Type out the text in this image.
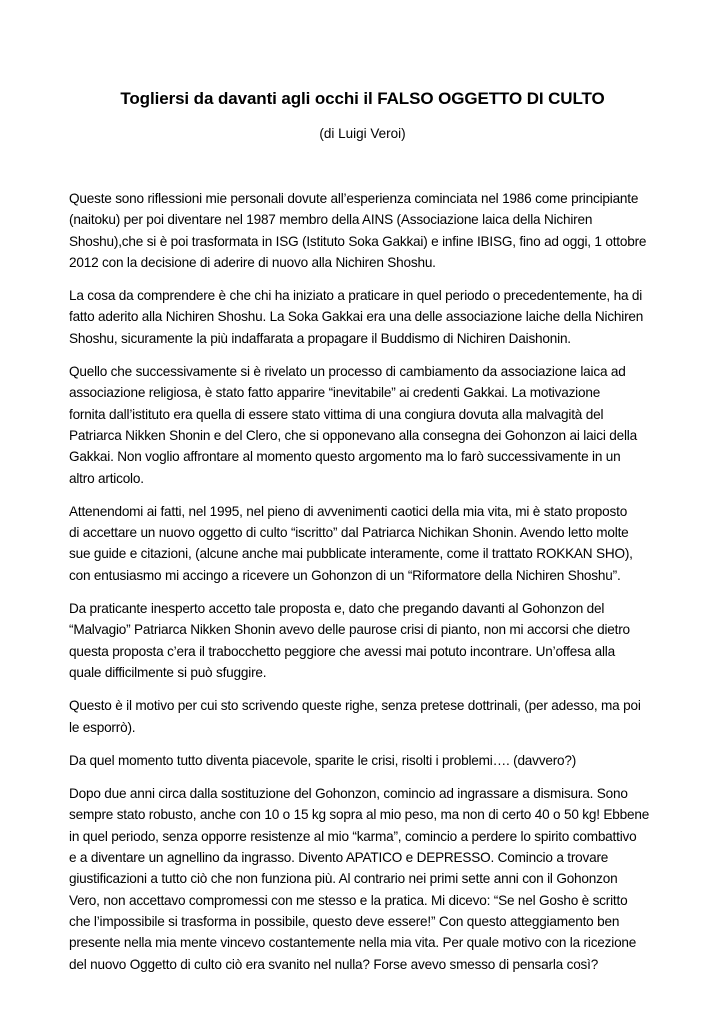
Togliersi da davanti agli occhi il FALSO OGGETTO DI CULTO
(di Luigi Veroi)

Queste sono riflessioni mie personali dovute all’esperienza cominciata nel 1986 come principiante
(naitoku) per poi diventare nel 1987 membro della AINS (Associazione laica della Nichiren
Shoshu),che si è poi trasformata in ISG (Istituto Soka Gakkai) e infine IBISG, fino ad oggi, 1 ottobre
2012 con la decisione di aderire di nuovo alla Nichiren Shoshu.

La cosa da comprendere è che chi ha iniziato a praticare in quel periodo o precedentemente, ha di
fatto aderito alla Nichiren Shoshu. La Soka Gakkai era una delle associazione laiche della Nichiren
Shoshu, sicuramente la più indaffarata a propagare il Buddismo di Nichiren Daishonin.

Quello che successivamente si è rivelato un processo di cambiamento da associazione laica ad
associazione religiosa, è stato fatto apparire “inevitabile” ai credenti Gakkai. La motivazione
fornita dall’istituto era quella di essere stato vittima di una congiura dovuta alla malvagità del
Patriarca Nikken Shonin e del Clero, che si opponevano alla consegna dei Gohonzon ai laici della
Gakkai. Non voglio affrontare al momento questo argomento ma lo farò successivamente in un
altro articolo.

Attenendomi ai fatti, nel 1995, nel pieno di avvenimenti caotici della mia vita, mi è stato proposto
di accettare un nuovo oggetto di culto “iscritto” dal Patriarca Nichikan Shonin. Avendo letto molte
sue guide e citazioni, (alcune anche mai pubblicate interamente, come il trattato ROKKAN SHO),
con entusiasmo mi accingo a ricevere un Gohonzon di un “Riformatore della Nichiren Shoshu”.

Da praticante inesperto accetto tale proposta e, dato che pregando davanti al Gohonzon del
“Malvagio” Patriarca Nikken Shonin avevo delle paurose crisi di pianto, non mi accorsi che dietro
questa proposta c’era il trabocchetto peggiore che avessi mai potuto incontrare. Un’offesa alla
quale difficilmente si può sfuggire.

Questo è il motivo per cui sto scrivendo queste righe, senza pretese dottrinali, (per adesso, ma poi
le esporrò).

Da quel momento tutto diventa piacevole, sparite le crisi, risolti i problemi…. (davvero?)

Dopo due anni circa dalla sostituzione del Gohonzon, comincio ad ingrassare a dismisura. Sono
sempre stato robusto, anche con 10 o 15 kg sopra al mio peso, ma non di certo 40 o 50 kg! Ebbene
in quel periodo, senza opporre resistenze al mio “karma”, comincio a perdere lo spirito combattivo
e a diventare un agnellino da ingrasso. Divento APATICO e DEPRESSO. Comincio a trovare
giustificazioni a tutto ciò che non funziona più. Al contrario nei primi sette anni con il Gohonzon
Vero, non accettavo compromessi con me stesso e la pratica. Mi dicevo: “Se nel Gosho è scritto
che l’impossibile si trasforma in possibile, questo deve essere!” Con questo atteggiamento ben
presente nella mia mente vincevo costantemente nella mia vita. Per quale motivo con la ricezione
del nuovo Oggetto di culto ciò era svanito nel nulla? Forse avevo smesso di pensarla così?
